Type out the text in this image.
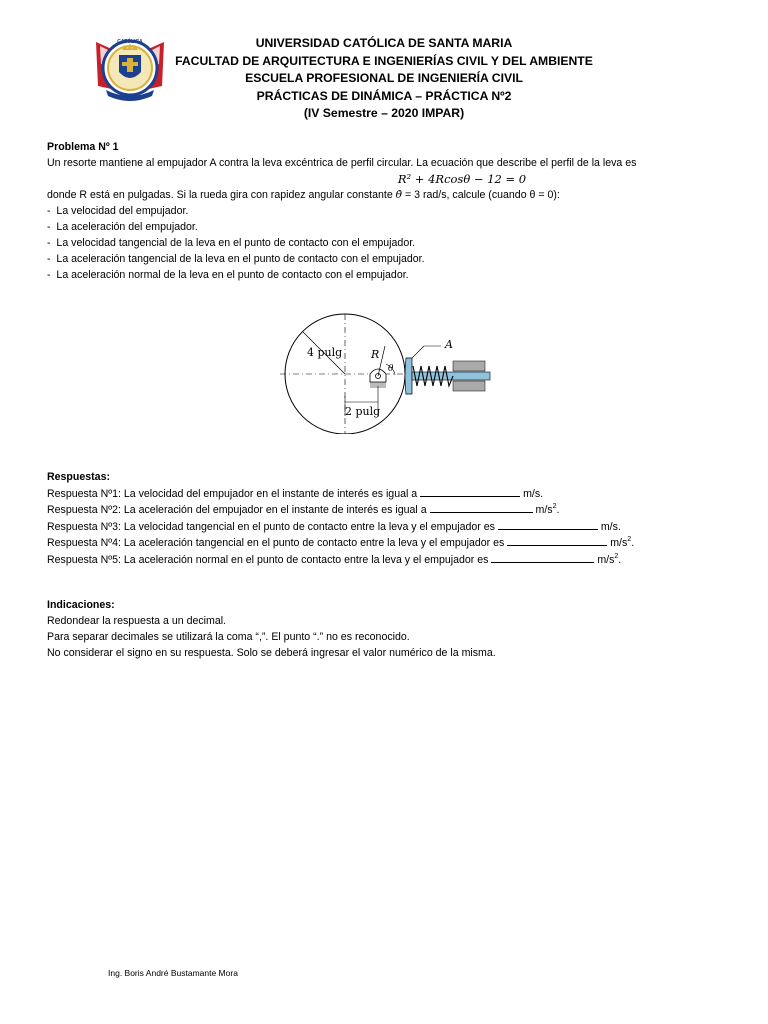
CATÓLICA	UNIVERSIDAD CATÓLICA DE SANTA MARIA
FACULTAD DE ARQUITECTURA E INGENIERÍAS CIVIL Y DEL AMBIENTE
ESCUELA PROFESIONAL DE INGENIERÍA CIVIL
PRÁCTICAS DE DINÁMICA – PRÁCTICA Nº2
(IV Semestre – 2020 IMPAR)
Problema Nº 1
Un resorte mantiene al empujador A contra la leva excéntrica de perfil circular. La ecuación que describe el perfil de la leva es
R² + 4Rcosθ − 12 = 0
donde R está en pulgadas. Si la rueda gira con rapidez angular constante θ̇ = 3 rad/s, calcule (cuando θ = 0):
-  La velocidad del empujador.
-  La aceleración del empujador.
-  La velocidad tangencial de la leva en el punto de contacto con el empujador.
-  La aceleración tangencial de la leva en el punto de contacto con el empujador.
-  La aceleración normal de la leva en el punto de contacto con el empujador.
4 pulg	R
θ
2 pulg
A
Respuestas:
Respuesta Nº1: La velocidad del empujador en el instante de interés es igual a	m/s.
Respuesta Nº2: La aceleración del empujador en el instante de interés es igual a	$m/s^2$.
Respuesta Nº3: La velocidad tangencial en el punto de contacto entre la leva y el empujador es	m/s.
Respuesta Nº4: La aceleración tangencial en el punto de contacto entre la leva y el empujador es	$m/s^2$.
Respuesta Nº5: La aceleración normal en el punto de contacto entre la leva y el empujador es	$m/s^2$.
Indicaciones:
Redondear la respuesta a un decimal.
Para separar decimales se utilizará la coma “,”. El punto “.” no es reconocido.
No considerar el signo en su respuesta. Solo se deberá ingresar el valor numérico de la misma.
Ing. Boris André Bustamante Mora
